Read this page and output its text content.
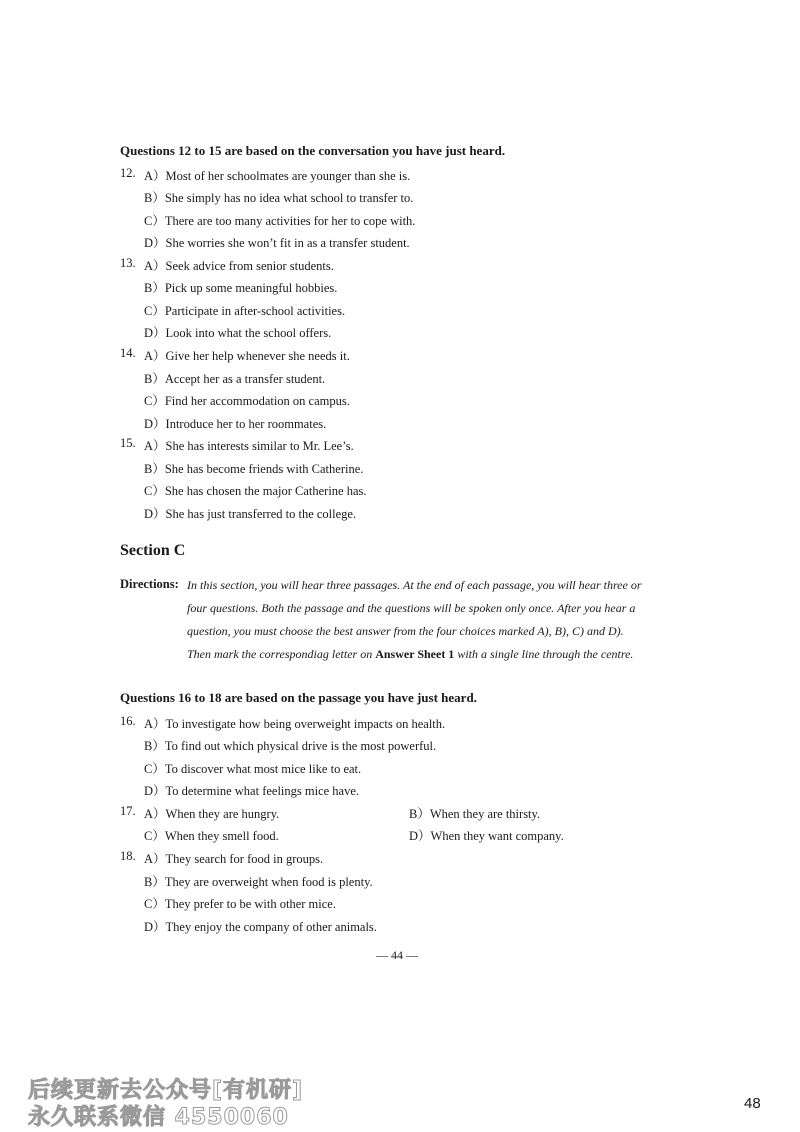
Questions 12 to 15 are based on the conversation you have just heard.
12. A）Most of her schoolmates are younger than she is.
B）She simply has no idea what school to transfer to.
C）There are too many activities for her to cope with.
D）She worries she won’t fit in as a transfer student.
13. A）Seek advice from senior students.
B）Pick up some meaningful hobbies.
C）Participate in after-school activities.
D）Look into what the school offers.
14. A）Give her help whenever she needs it.
B）Accept her as a transfer student.
C）Find her accommodation on campus.
D）Introduce her to her roommates.
15. A）She has interests similar to Mr. Lee’s.
B）She has become friends with Catherine.
C）She has chosen the major Catherine has.
D）She has just transferred to the college.
Section C
Directions: In this section, you will hear three passages. At the end of each passage, you will hear three or
four questions. Both the passage and the questions will be spoken only once. After you hear a
question, you must choose the best answer from the four choices marked A), B), C) and D).
Then mark the correspondiag letter on Answer Sheet 1 with a single line through the centre.
Questions 16 to 18 are based on the passage you have just heard.
16. A）To investigate how being overweight impacts on health.
B）To find out which physical drive is the most powerful.
C）To discover what most mice like to eat.
D）To determine what feelings mice have.
17. A）When they are hungry.	B）When they are thirsty.
C）When they smell food.	D）When they want company.
18. A）They search for food in groups.
B）They are overweight when food is plenty.
C）They prefer to be with other mice.
D）They enjoy the company of other animals.
— 44 —
48
后续更新去公众号[有机研]
永久联系微信 4550060
